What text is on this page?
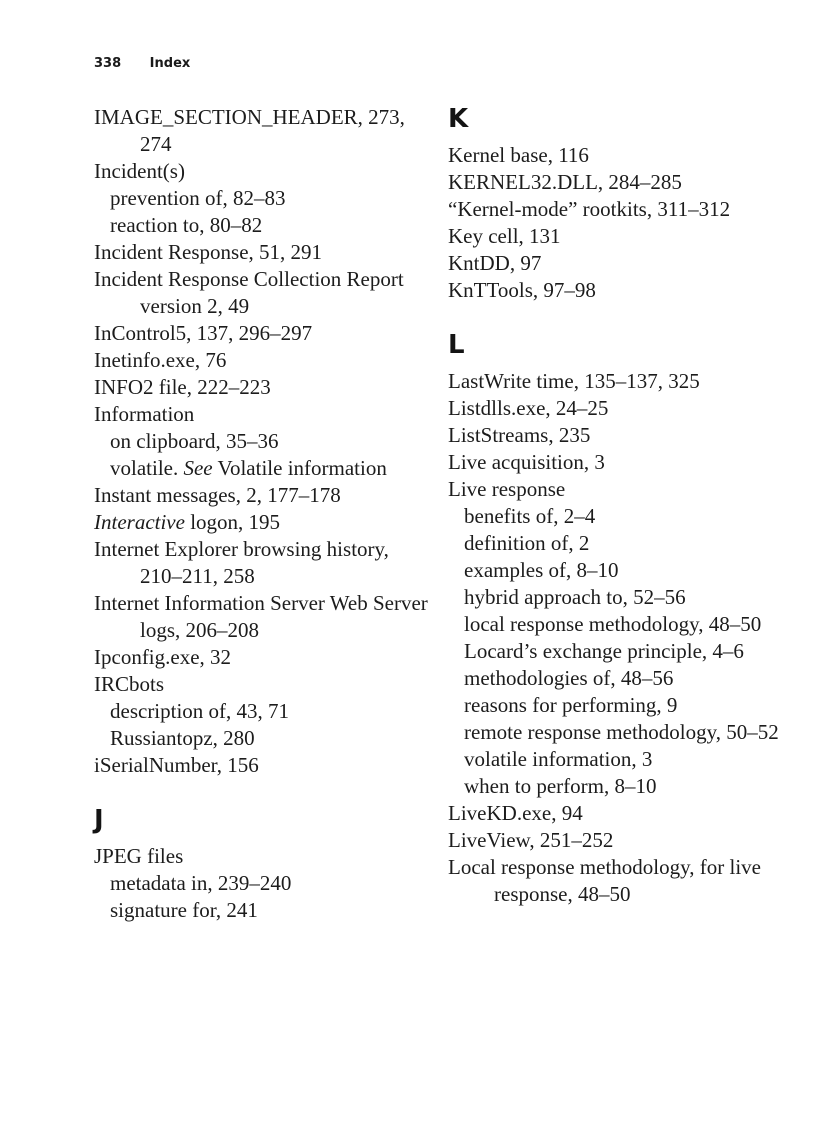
338 Index
IMAGE_SECTION_HEADER, 273, 274
Incident(s)
prevention of, 82–83
reaction to, 80–82
Incident Response, 51, 291
Incident Response Collection Report version 2, 49
InControl5, 137, 296–297
Inetinfo.exe, 76
INFO2 file, 222–223
Information
on clipboard, 35–36
volatile. See Volatile information
Instant messages, 2, 177–178
Interactive logon, 195
Internet Explorer browsing history, 210–211, 258
Internet Information Server Web Server logs, 206–208
Ipconfig.exe, 32
IRCbots
description of, 43, 71
Russiantopz, 280
iSerialNumber, 156
J
JPEG files
metadata in, 239–240
signature for, 241
K
Kernel base, 116
KERNEL32.DLL, 284–285
“Kernel-mode” rootkits, 311–312
Key cell, 131
KntDD, 97
KnTTools, 97–98
L
LastWrite time, 135–137, 325
Listdlls.exe, 24–25
ListStreams, 235
Live acquisition, 3
Live response
benefits of, 2–4
definition of, 2
examples of, 8–10
hybrid approach to, 52–56
local response methodology, 48–50
Locard’s exchange principle, 4–6
methodologies of, 48–56
reasons for performing, 9
remote response methodology, 50–52
volatile information, 3
when to perform, 8–10
LiveKD.exe, 94
LiveView, 251–252
Local response methodology, for live response, 48–50
